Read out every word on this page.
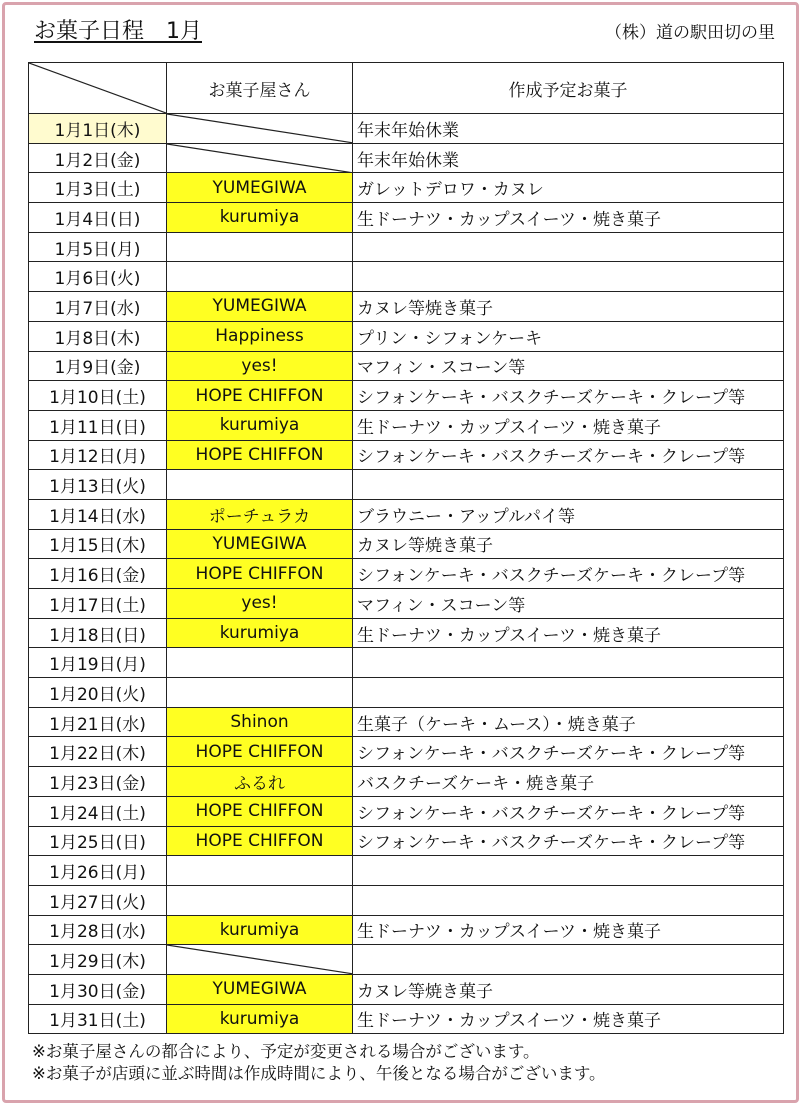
お菓子日程　1月	（株）道の駅田切の里
	お菓子屋さん	作成予定お菓子
1月1日(木)		年末年始休業
1月2日(金)		年末年始休業
1月3日(土)	YUMEGIWA	ガレットデロワ・カヌレ
1月4日(日)	kurumiya	生ドーナツ・カップスイーツ・焼き菓子
1月5日(月)		
1月6日(火)		
1月7日(水)	YUMEGIWA	カヌレ等焼き菓子
1月8日(木)	Happiness	プリン・シフォンケーキ
1月9日(金)	yes!	マフィン・スコーン等
1月10日(土)	HOPE CHIFFON	シフォンケーキ・バスクチーズケーキ・クレープ等
1月11日(日)	kurumiya	生ドーナツ・カップスイーツ・焼き菓子
1月12日(月)	HOPE CHIFFON	シフォンケーキ・バスクチーズケーキ・クレープ等
1月13日(火)		
1月14日(水)	ポーチュラカ	ブラウニー・アップルパイ等
1月15日(木)	YUMEGIWA	カヌレ等焼き菓子
1月16日(金)	HOPE CHIFFON	シフォンケーキ・バスクチーズケーキ・クレープ等
1月17日(土)	yes!	マフィン・スコーン等
1月18日(日)	kurumiya	生ドーナツ・カップスイーツ・焼き菓子
1月19日(月)		
1月20日(火)		
1月21日(水)	Shinon	生菓子（ケーキ・ムース）・焼き菓子
1月22日(木)	HOPE CHIFFON	シフォンケーキ・バスクチーズケーキ・クレープ等
1月23日(金)	ふるれ	バスクチーズケーキ・焼き菓子
1月24日(土)	HOPE CHIFFON	シフォンケーキ・バスクチーズケーキ・クレープ等
1月25日(日)	HOPE CHIFFON	シフォンケーキ・バスクチーズケーキ・クレープ等
1月26日(月)		
1月27日(火)		
1月28日(水)	kurumiya	生ドーナツ・カップスイーツ・焼き菓子
1月29日(木)	

1月30日(金)	YUMEGIWA	カヌレ等焼き菓子
1月31日(土)	kurumiya	生ドーナツ・カップスイーツ・焼き菓子
※お菓子屋さんの都合により、予定が変更される場合がございます。
※お菓子が店頭に並ぶ時間は作成時間により、午後となる場合がございます。
